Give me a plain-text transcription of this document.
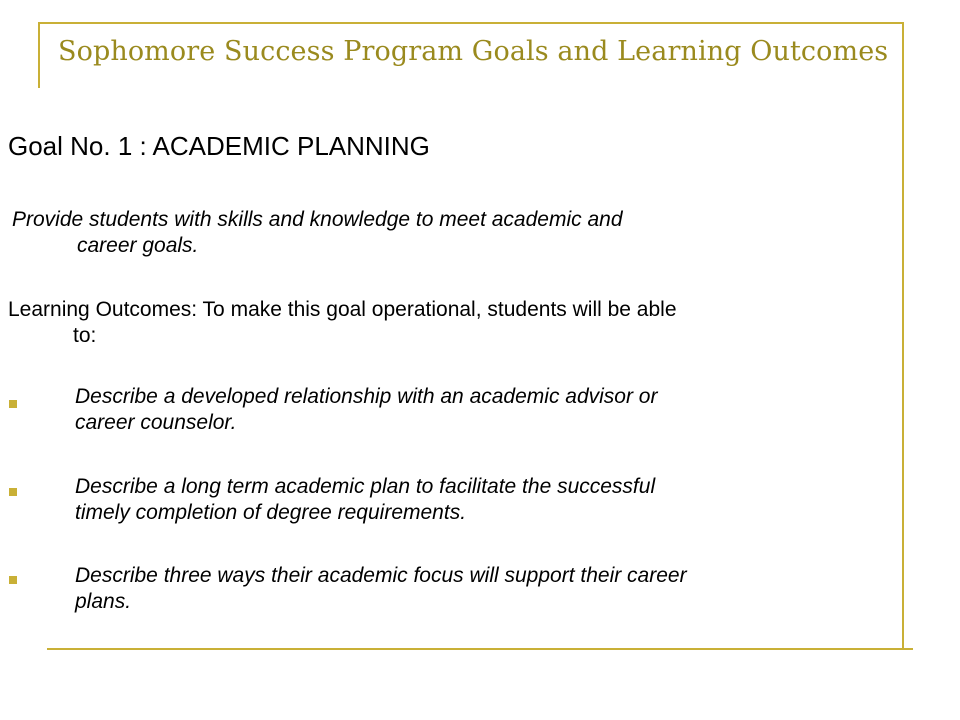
Sophomore Success Program Goals and Learning Outcomes
Goal No. 1 : ACADEMIC PLANNING
Provide students with skills and knowledge to meet academic and
career goals.
Learning Outcomes: To make this goal operational, students will be able
to:
Describe a developed relationship with an academic advisor or
career counselor.
Describe a long term academic plan to facilitate the successful
timely completion of degree requirements.
Describe three ways their academic focus will support their career
plans.
